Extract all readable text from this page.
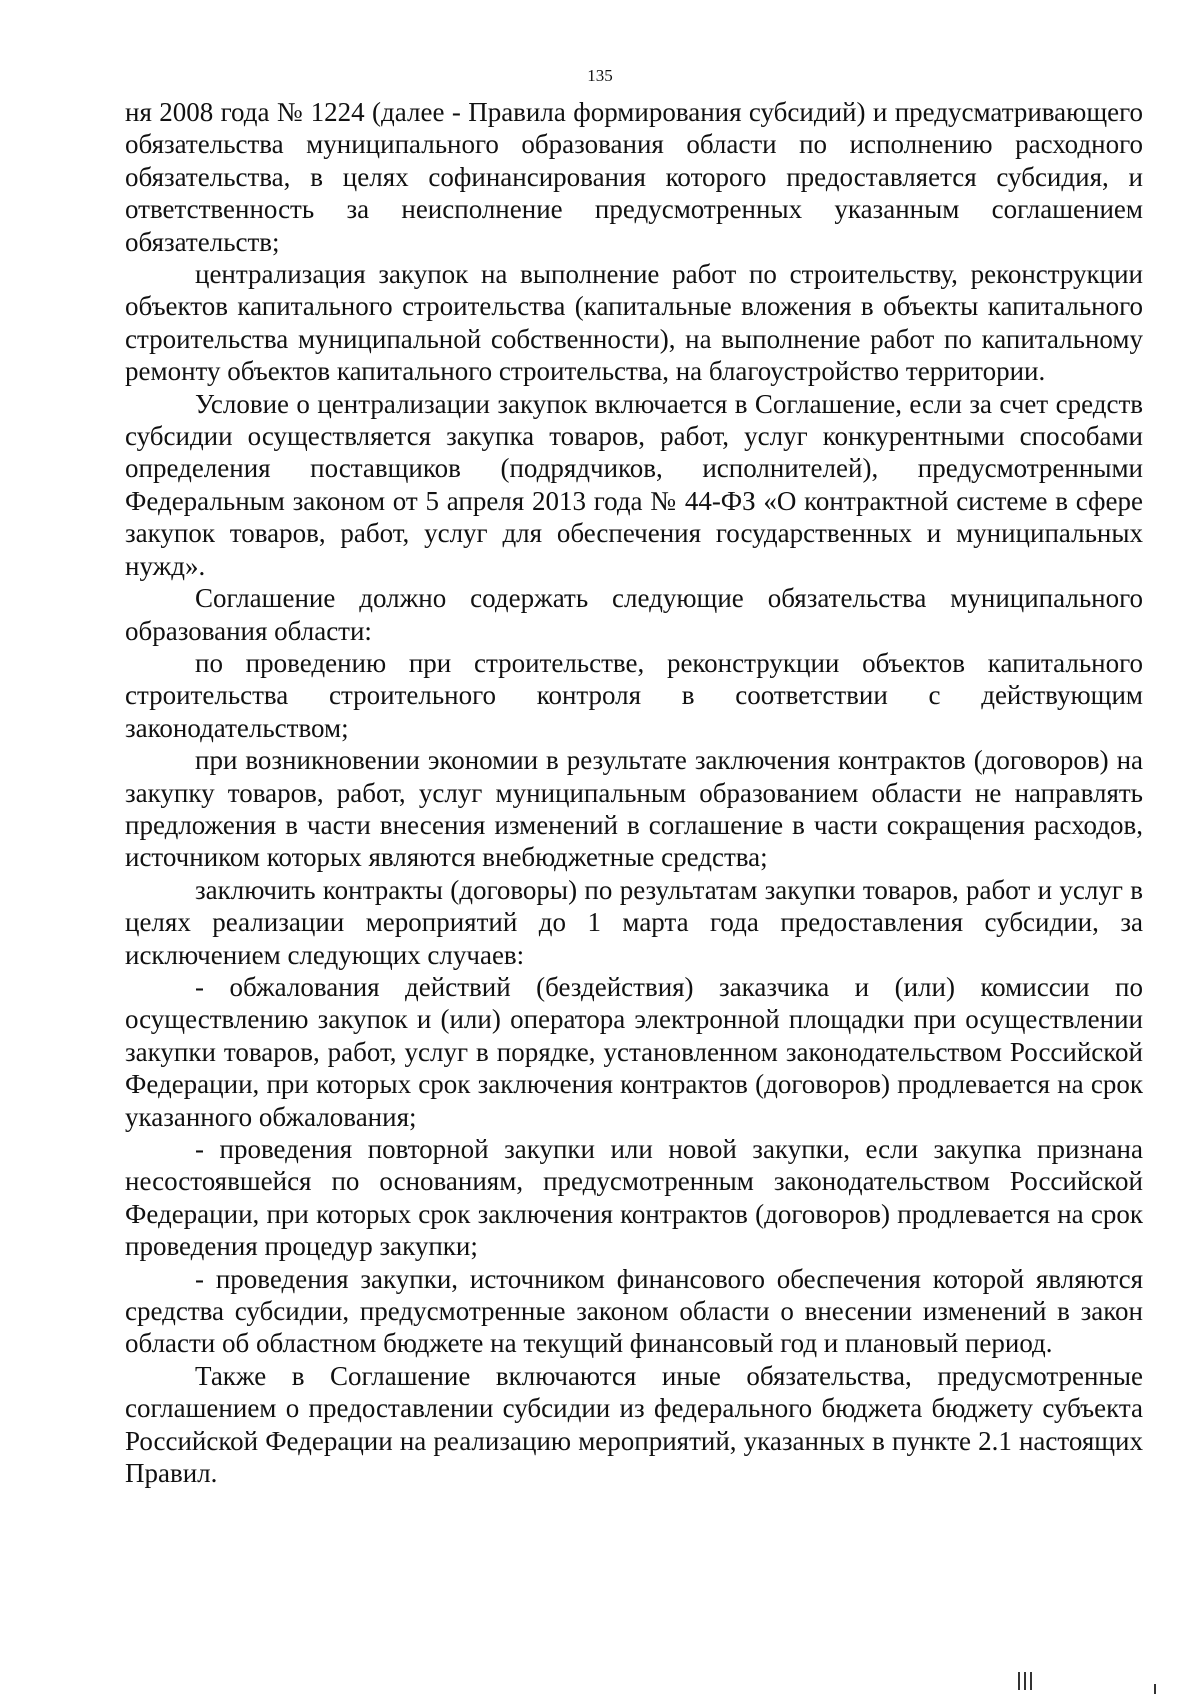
135

ня 2008 года № 1224 (далее - Правила формирования субсидий) и предусматривающего обязательства муниципального образования области по исполнению расходного обязательства, в целях софинансирования которого предоставляется субсидия, и ответственность за неисполнение предусмотренных указанным соглашением обязательств;

централизация закупок на выполнение работ по строительству, реконструкции объектов капитального строительства (капитальные вложения в объекты капитального строительства муниципальной собственности), на выполнение работ по капитальному ремонту объектов капитального строительства, на благоустройство территории.

Условие о централизации закупок включается в Соглашение, если за счет средств субсидии осуществляется закупка товаров, работ, услуг конкурентными способами определения поставщиков (подрядчиков, исполнителей), предусмотренными Федеральным законом от 5 апреля 2013 года № 44-ФЗ «О контрактной системе в сфере закупок товаров, работ, услуг для обеспечения государственных и муниципальных нужд».

Соглашение должно содержать следующие обязательства муниципального образования области:

по проведению при строительстве, реконструкции объектов капитального строительства строительного контроля в соответствии с действующим законодательством;

при возникновении экономии в результате заключения контрактов (договоров) на закупку товаров, работ, услуг муниципальным образованием области не направлять предложения в части внесения изменений в соглашение в части сокращения расходов, источником которых являются внебюджетные средства;

заключить контракты (договоры) по результатам закупки товаров, работ и услуг в целях реализации мероприятий до 1 марта года предоставления субсидии, за исключением следующих случаев:

- обжалования действий (бездействия) заказчика и (или) комиссии по осуществлению закупок и (или) оператора электронной площадки при осуществлении закупки товаров, работ, услуг в порядке, установленном законодательством Российской Федерации, при которых срок заключения контрактов (договоров) продлевается на срок указанного обжалования;

- проведения повторной закупки или новой закупки, если закупка признана несостоявшейся по основаниям, предусмотренным законодательством Российской Федерации, при которых срок заключения контрактов (договоров) продлевается на срок проведения процедур закупки;

- проведения закупки, источником финансового обеспечения которой являются средства субсидии, предусмотренные законом области о внесении изменений в закон области об областном бюджете на текущий финансовый год и плановый период.

Также в Соглашение включаются иные обязательства, предусмотренные соглашением о предоставлении субсидии из федерального бюджета бюджету субъекта Российской Федерации на реализацию мероприятий, указанных в пункте 2.1 настоящих Правил.
